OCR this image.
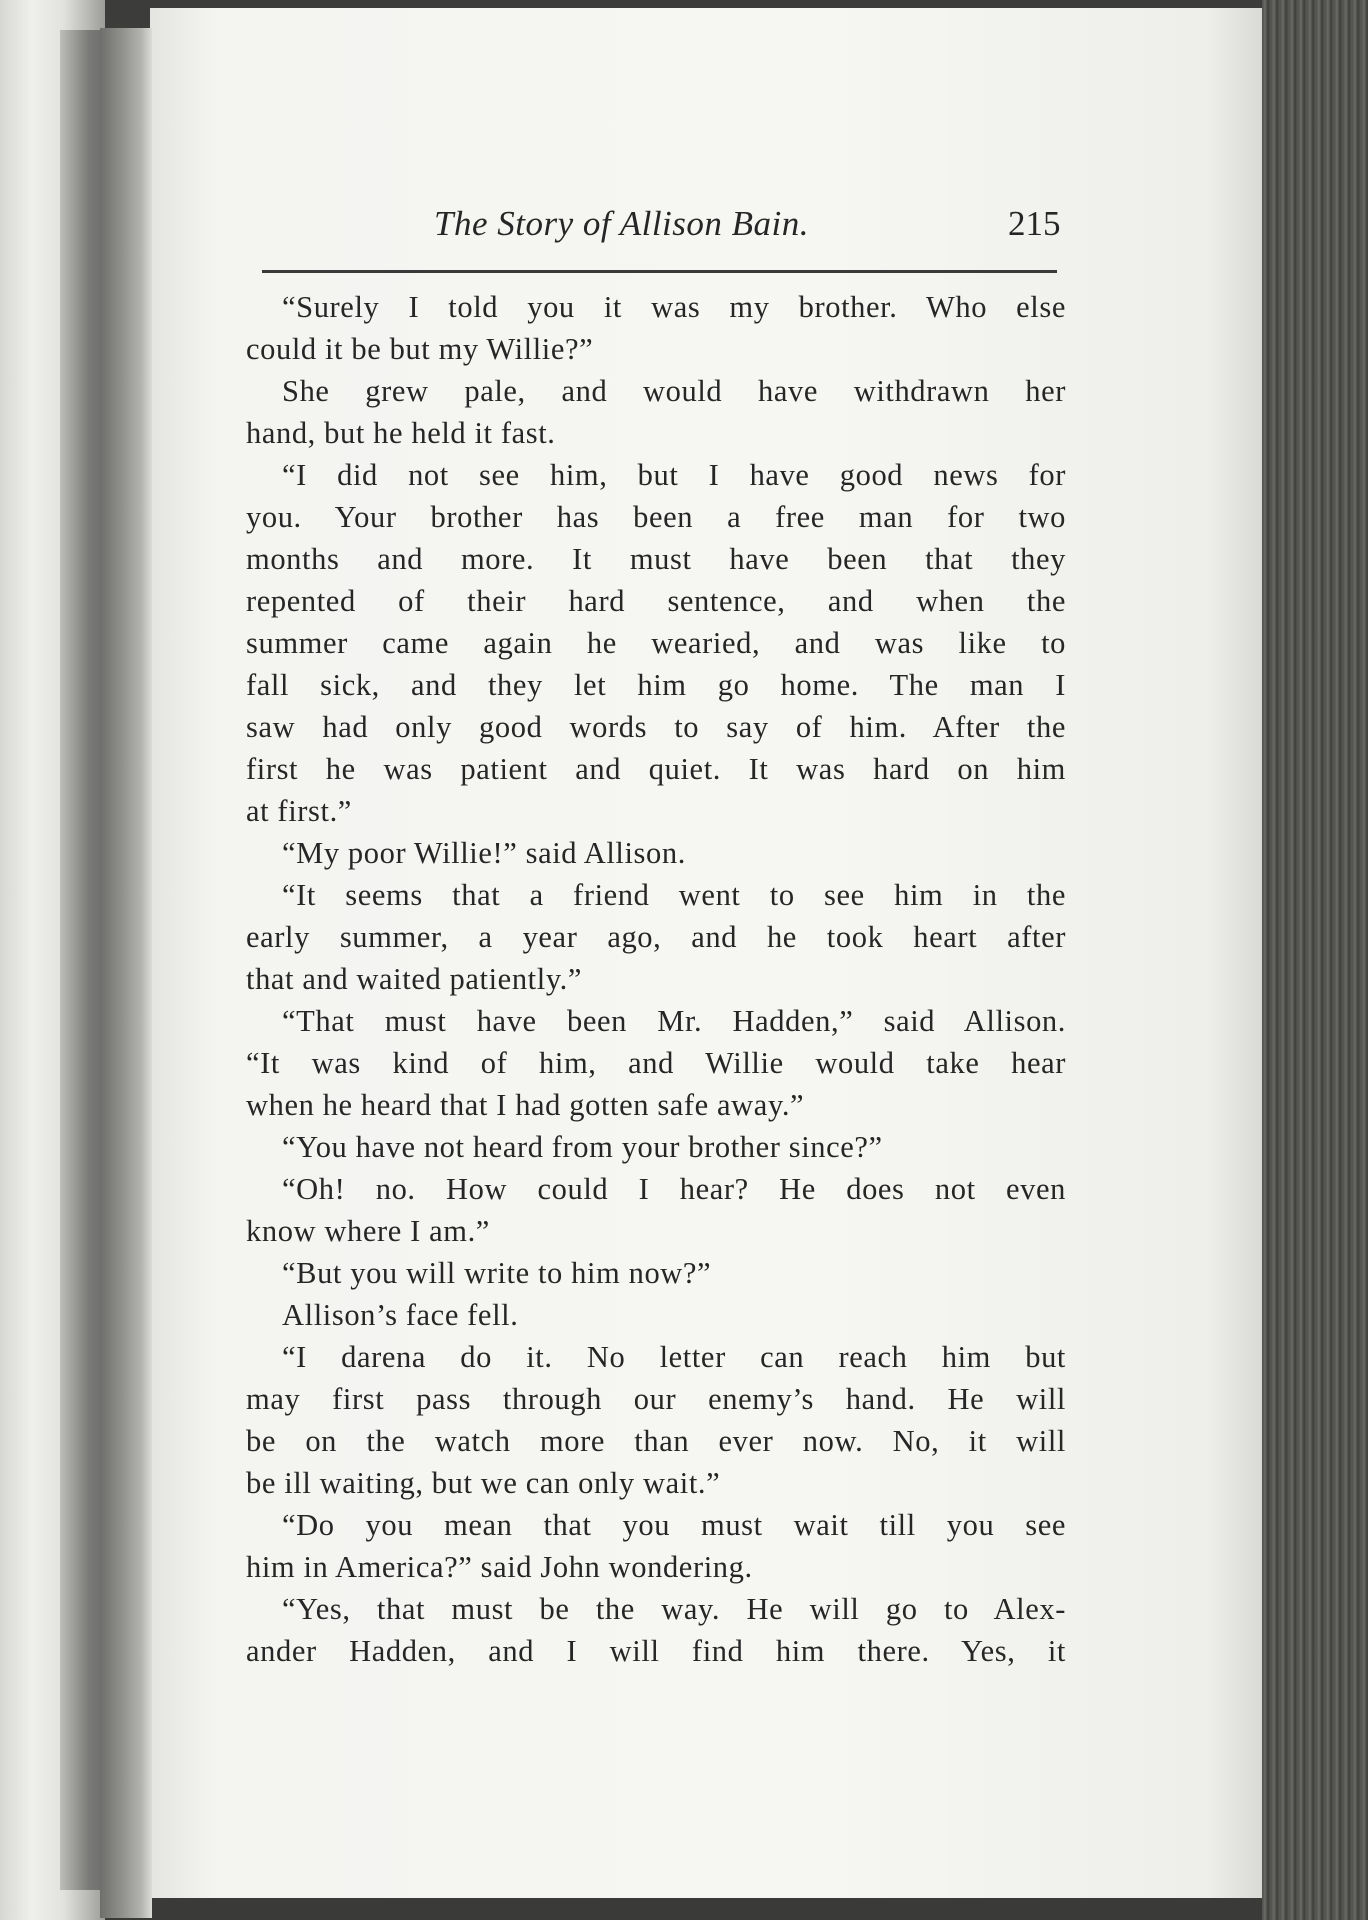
The Story of Allison Bain.	215
“Surely I told you it was my brother. Who else
could it be but my Willie?”
She grew pale, and would have withdrawn her
hand, but he held it fast.
“I did not see him, but I have good news for
you. Your brother has been a free man for two
months and more. It must have been that they
repented of their hard sentence, and when the
summer came again he wearied, and was like to
fall sick, and they let him go home. The man I
saw had only good words to say of him. After the
first he was patient and quiet. It was hard on him
at first.”
“My poor Willie!” said Allison.
“It seems that a friend went to see him in the
early summer, a year ago, and he took heart after
that and waited patiently.”
“That must have been Mr. Hadden,” said Allison.
“It was kind of him, and Willie would take hear
when he heard that I had gotten safe away.”
“You have not heard from your brother since?”
“Oh! no. How could I hear? He does not even
know where I am.”
“But you will write to him now?”
Allison’s face fell.
“I darena do it. No letter can reach him but
may first pass through our enemy’s hand. He will
be on the watch more than ever now. No, it will
be ill waiting, but we can only wait.”
“Do you mean that you must wait till you see
him in America?” said John wondering.
“Yes, that must be the way. He will go to Alex-
ander Hadden, and I will find him there. Yes, it
